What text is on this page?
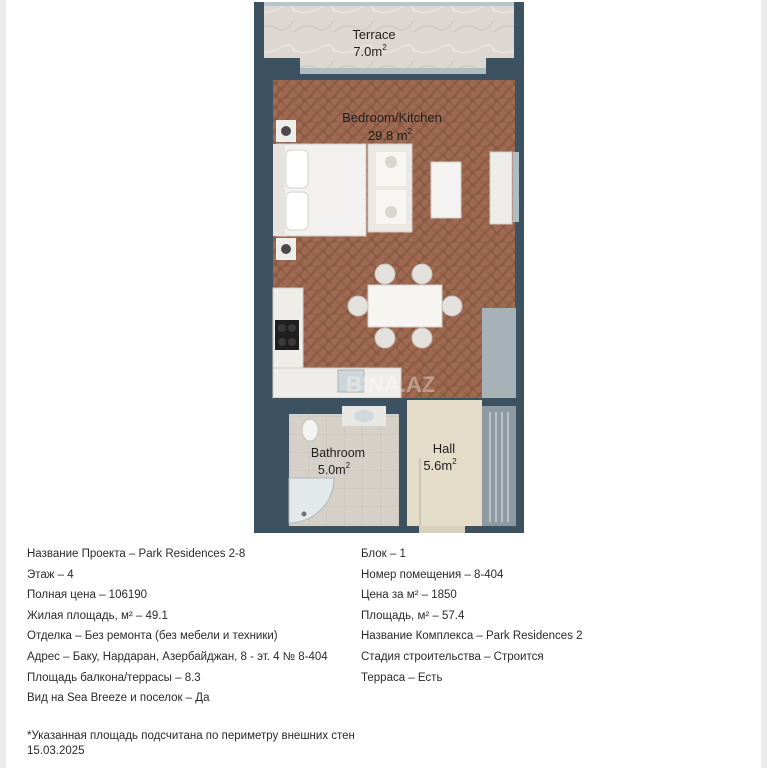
Terrace
$7.0m^2$
Bedroom/Kitchen
29.8 $m^2$
Bathroom
$5.0m^2$
Hall
$5.6m^2$
BINA.AZ
Название Проекта – Park Residences 2-8
Этаж – 4
Полная цена – 106190
Жилая площадь, м² – 49.1
Отделка – Без ремонта (без мебели и техники)
Адрес – Баку, Нардаран, Азербайджан, 8 - эт. 4 № 8-404
Площадь балкона/террасы – 8.3
Вид на Sea Breeze и поселок – Да
Блок – 1
Номер помещения – 8-404
Цена за м² – 1850
Площадь, м² – 57.4
Название Комплекса – Park Residences 2
Стадия строительства – Строится
Терраса – Есть
*Указанная площадь подсчитана по периметру внешних стен
15.03.2025
